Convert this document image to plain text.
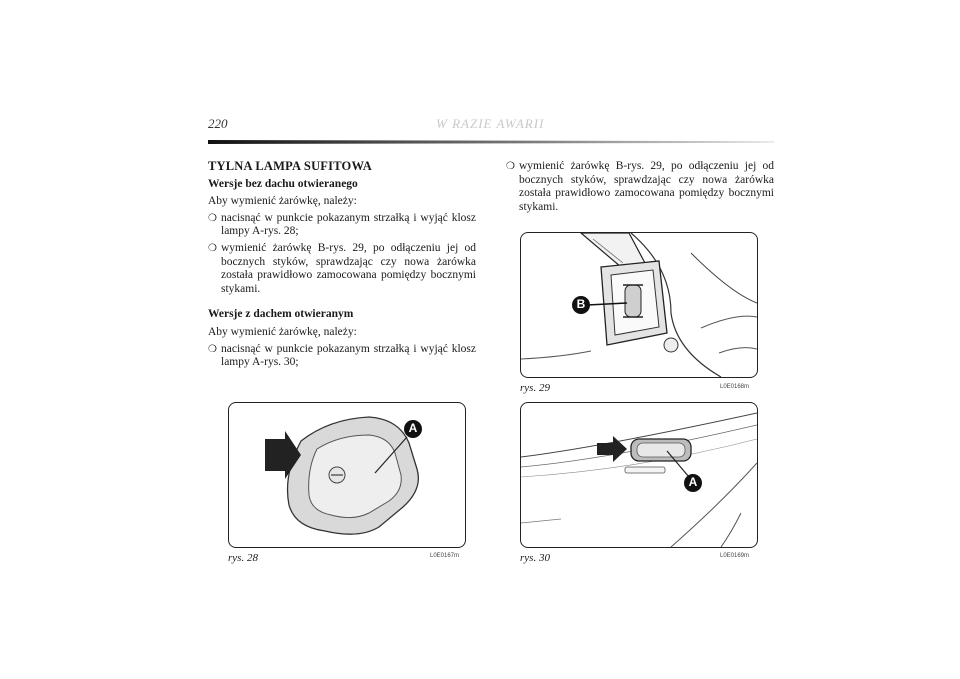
220	W RAZIE AWARII
TYLNA LAMPA SUFITOWA
Wersje bez dachu otwieranego

Aby wymienić żarówkę, należy:

❍ nacisnąć w punkcie pokazanym strzałką i wyjąć klosz lampy A-rys. 28;
❍ wymienić żarówkę B-rys. 29, po odłączeniu jej od bocznych styków, sprawdzając czy nowa żarówka została prawidłowo zamocowana pomiędzy bocznymi stykami.
Wersje z dachem otwieranym

Aby wymienić żarówkę, należy:

❍ nacisnąć w punkcie pokazanym strzałką i wyjąć klosz lampy A-rys. 30;
❍ wymienić żarówkę B-rys. 29, po odłączeniu jej od bocznych styków, sprawdzając czy nowa żarówka została prawidłowo zamocowana pomiędzy bocznymi stykami.
B
rys. 29	L0E0168m
A
rys. 28	L0E0167m
A
rys. 30	L0E0169m
